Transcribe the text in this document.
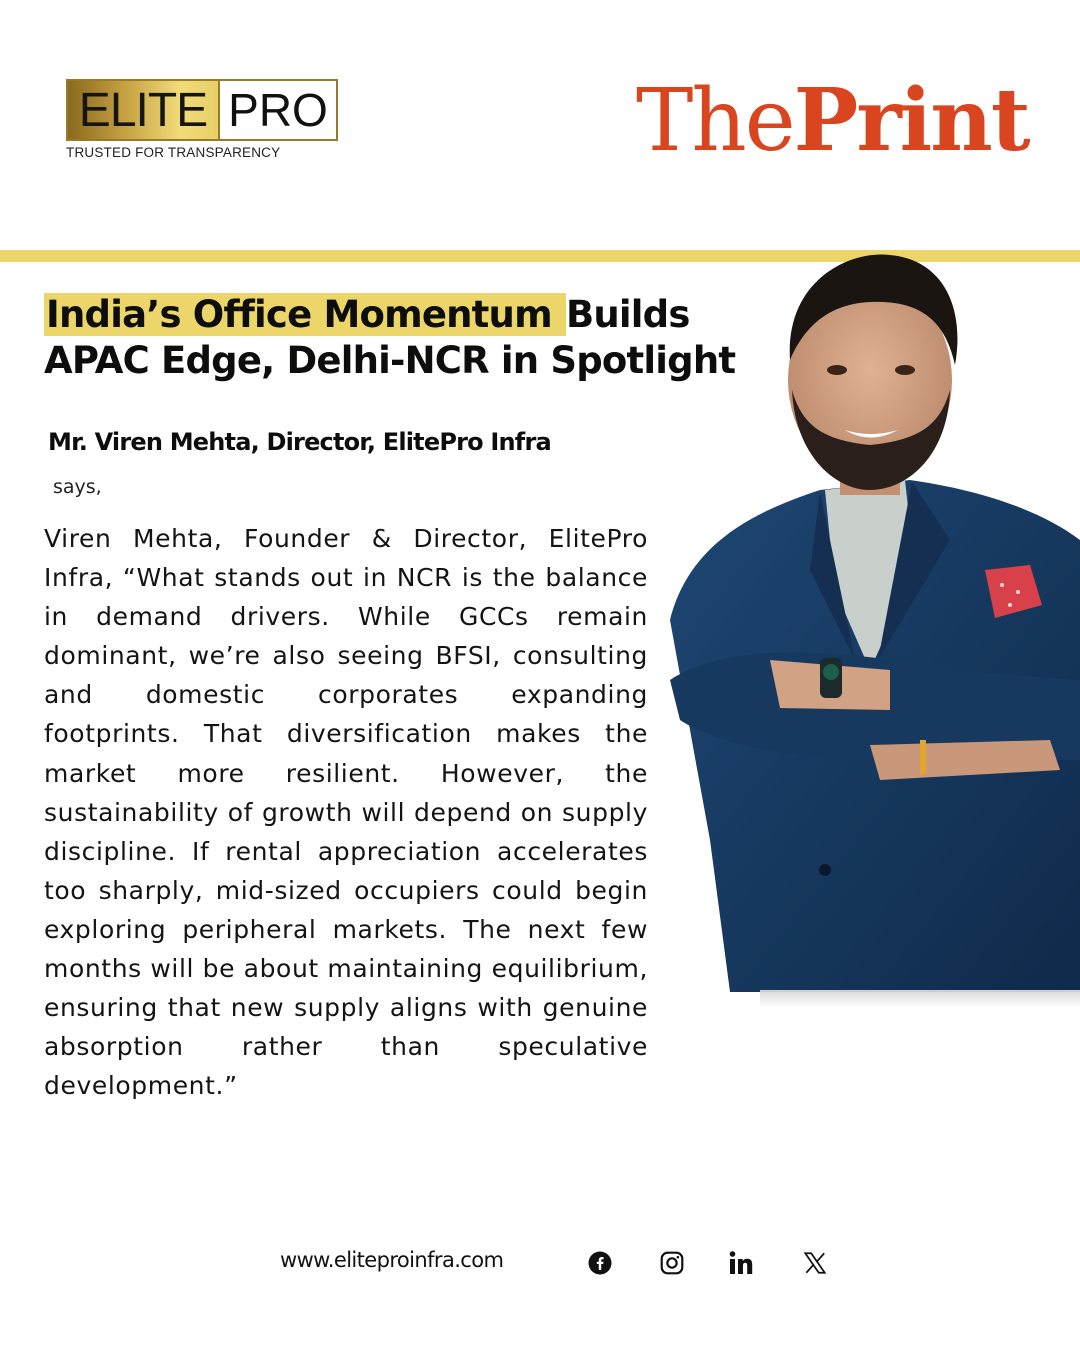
ELITE PRO
TRUSTED FOR TRANSPARENCY	ThePrint
India’s Office Momentum Builds
APAC Edge, Delhi-NCR in Spotlight
Mr. Viren Mehta, Director, ElitePro Infra
says,

Viren Mehta, Founder & Director, ElitePro Infra, “What stands out in NCR is the balance in demand drivers. While GCCs remain dominant, we’re also seeing BFSI, consulting and domestic corporates expanding footprints. That diversification makes the market more resilient. However, the sustainability of growth will depend on supply discipline. If rental appreciation accelerates too sharply, mid-sized occupiers could begin exploring peripheral markets. The next few months will be about maintaining equilibrium, ensuring that new supply aligns with genuine absorption rather than speculative development.”

www.eliteproinfra.com
